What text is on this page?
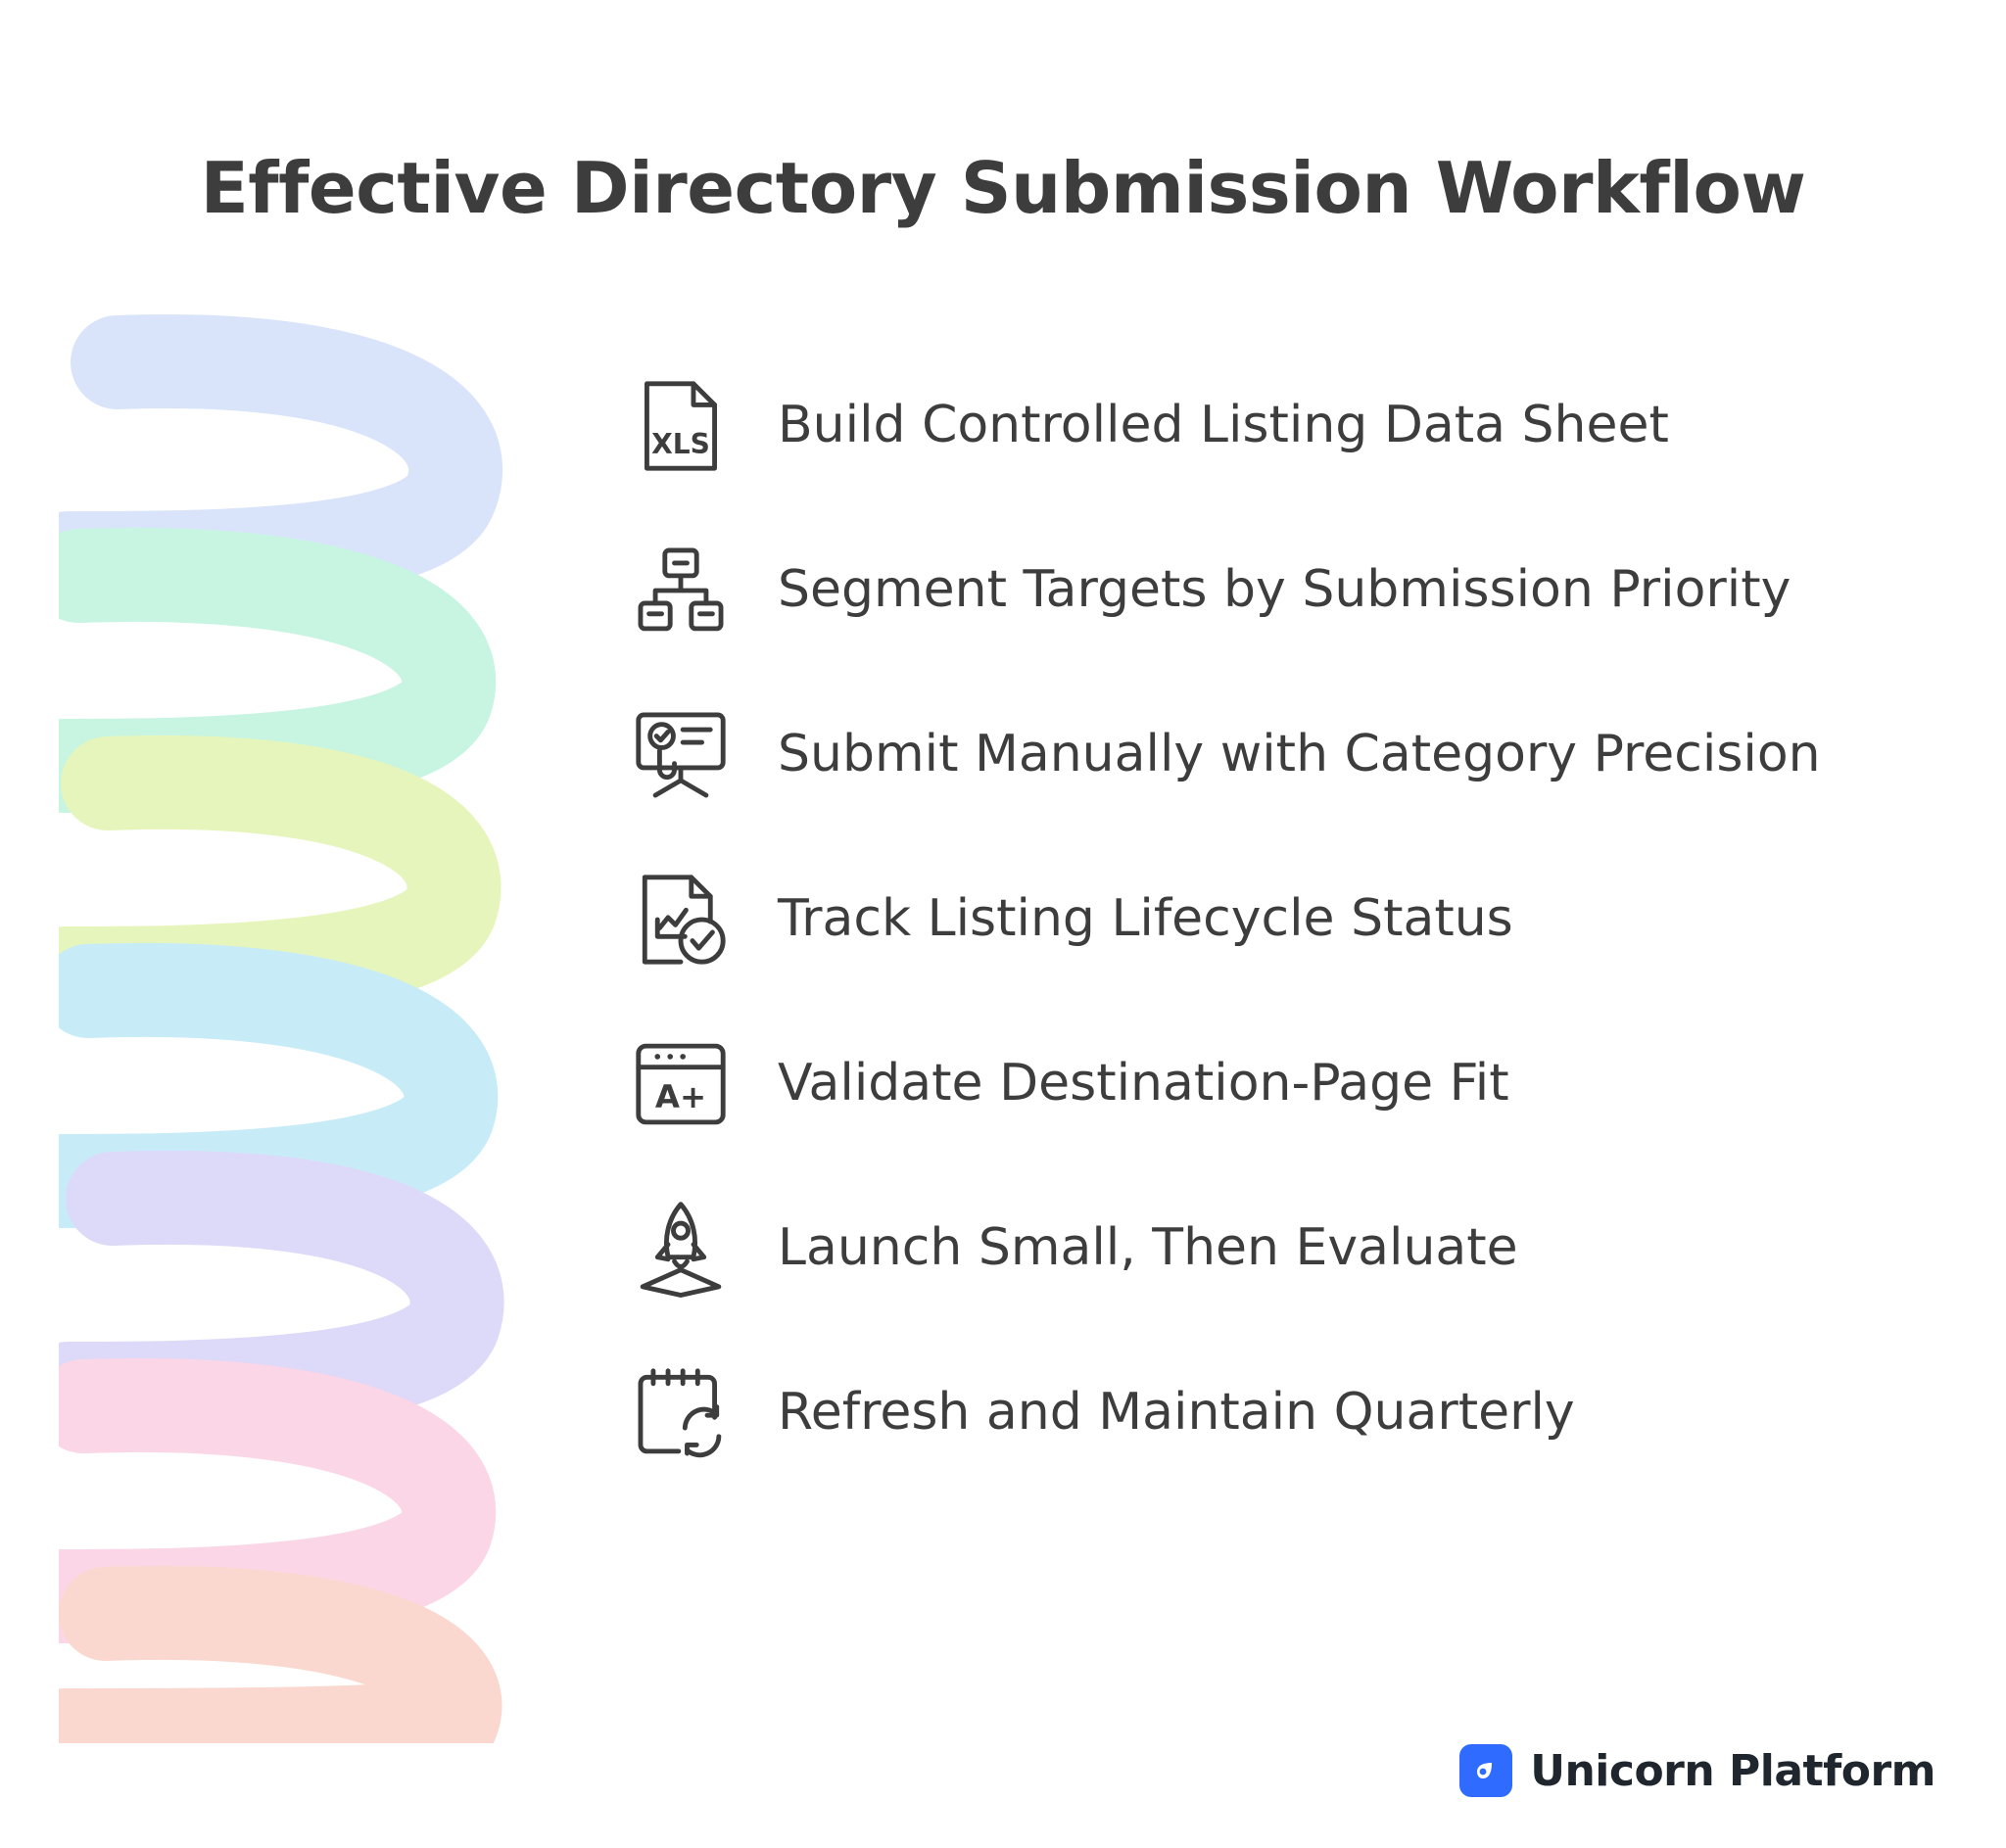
Effective Directory Submission Workflow
XLS	Build Controlled Listing Data Sheet
Segment Targets by Submission Priority
Submit Manually with Category Precision
Track Listing Lifecycle Status
A+	Validate Destination-Page Fit
Launch Small, Then Evaluate
Refresh and Maintain Quarterly
Unicorn Platform
